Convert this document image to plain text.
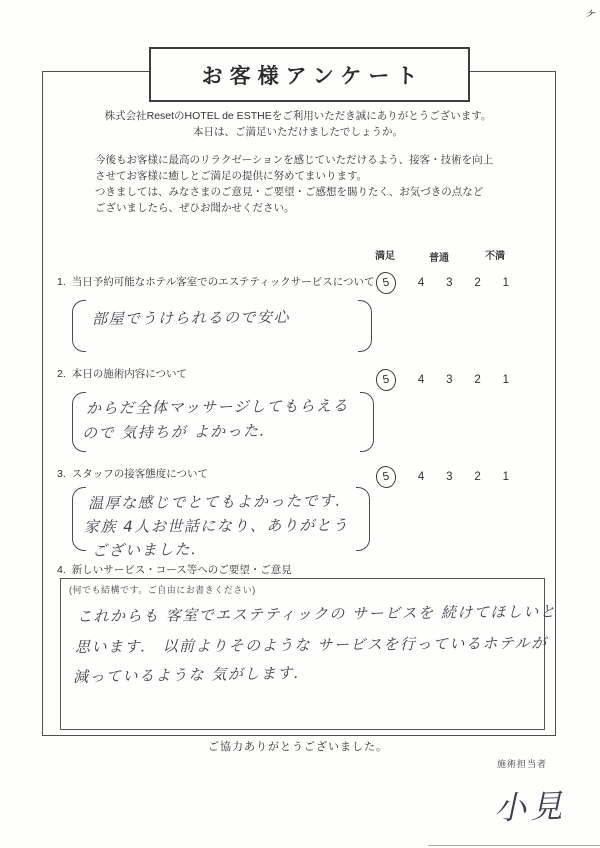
ヶ
お客様アンケート
株式会社ResetのHOTEL de ESTHEをご利用いただき誠にありがとうございます。
本日は、ご満足いただけましたでしょうか。
今後もお客様に最高のリラクゼーションを感じていただけるよう、接客・技術を向上
させてお客様に癒しとご満足の提供に努めてまいります。
つきましては、みなさまのご意見・ご要望・ご感想を賜りたく、お気づきの点など
ございましたら、ぜひお聞かせください。
満足	普通	不満
1. 当日予約可能なホテル客室でのエステティックサービスについて 5	4 3 2 1
部屋でうけられるので安心
2. 本日の施術内容について	5	4 3 2 1
からだ全体マッサージしてもらえる
ので 気持ちが よかった.
3. スタッフの接客態度について	5	4 3 2 1
温厚な感じでとてもよかったです.
家族 4人お世話になり、ありがとう
ございました.
4. 新しいサービス・コース等へのご要望・ご意見
(何でも結構です。ご自由にお書きください)
これからも 客室でエステティックの サービスを 続けてほしいと
思います． 以前よりそのような サービスを行っているホテルが
減っているような 気がします.
ご協力ありがとうございました。
施術担当者
小見
